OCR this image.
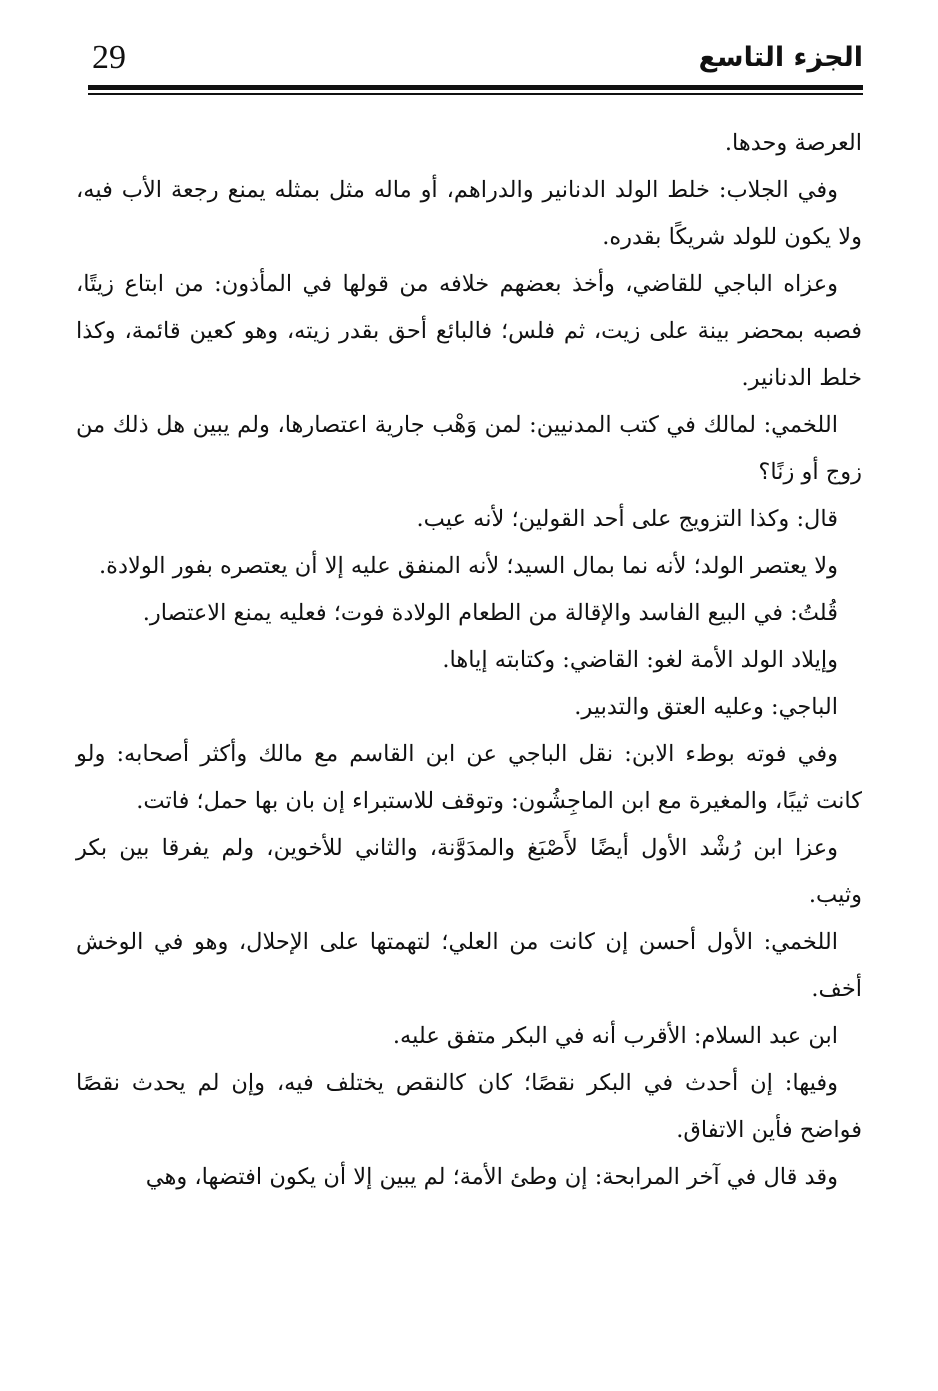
29	الجزء التاسع

العرصة وحدها.

وفي الجلاب: خلط الولد الدنانير والدراهم، أو ماله مثل بمثله يمنع رجعة الأب فيه، ولا يكون للولد شريكًا بقدره.

وعزاه الباجي للقاضي، وأخذ بعضهم خلافه من قولها في المأذون: من ابتاع زيتًا، فصبه بمحضر بينة على زيت، ثم فلس؛ فالبائع أحق بقدر زيته، وهو كعين قائمة، وكذا خلط الدنانير.

اللخمي: لمالك في كتب المدنيين: لمن وَهْب جارية اعتصارها، ولم يبين هل ذلك من زوج أو زنًا؟

قال: وكذا التزويج على أحد القولين؛ لأنه عيب.

ولا يعتصر الولد؛ لأنه نما بمال السيد؛ لأنه المنفق عليه إلا أن يعتصره بفور الولادة.

قُلتُ: في البيع الفاسد والإقالة من الطعام الولادة فوت؛ فعليه يمنع الاعتصار.

وإيلاد الولد الأمة لغو: القاضي: وكتابته إياها.

الباجي: وعليه العتق والتدبير.

وفي فوته بوطء الابن: نقل الباجي عن ابن القاسم مع مالك وأكثر أصحابه: ولو كانت ثيبًا، والمغيرة مع ابن الماجِشُون: وتوقف للاستبراء إن بان بها حمل؛ فاتت.

وعزا ابن رُشْد الأول أيضًا لأَصْبَغ والمدَوَّنة، والثاني للأخوين، ولم يفرقا بين بكر وثيب.

اللخمي: الأول أحسن إن كانت من العلي؛ لتهمتها على الإحلال، وهو في الوخش أخف.

ابن عبد السلام: الأقرب أنه في البكر متفق عليه.

وفيها: إن أحدث في البكر نقصًا؛ كان كالنقص يختلف فيه، وإن لم يحدث نقصًا فواضح فأين الاتفاق.

وقد قال في آخر المرابحة: إن وطئ الأمة؛ لم يبين إلا أن يكون افتضها، وهي
